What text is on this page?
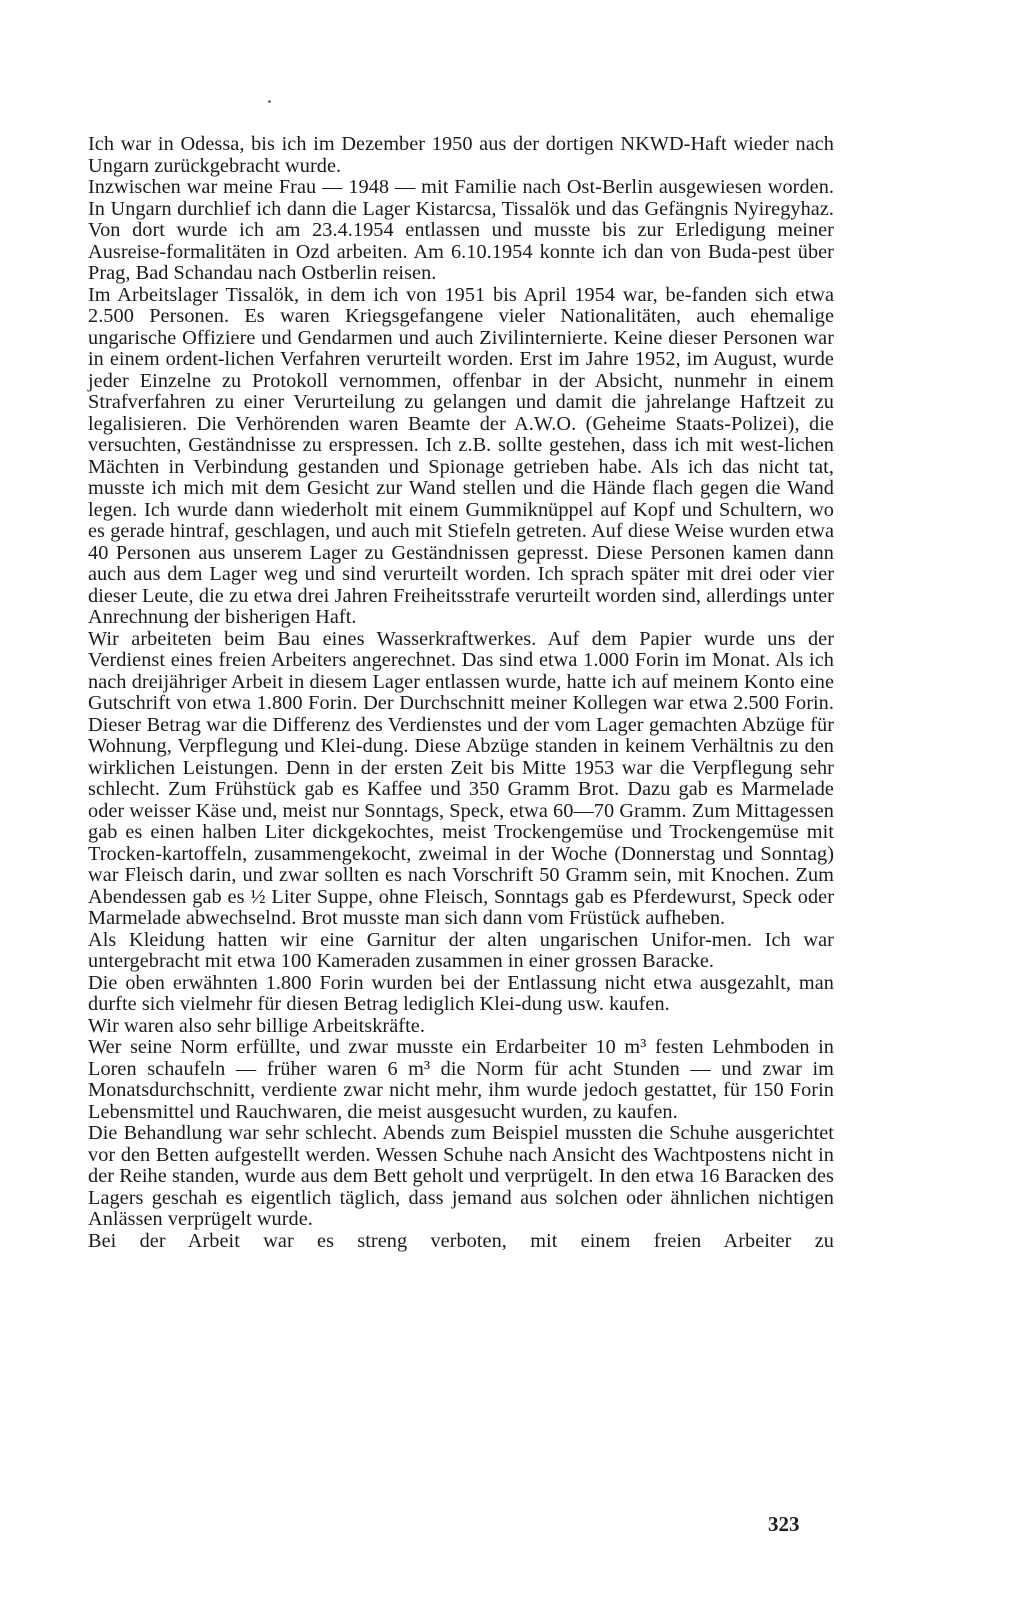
Ich war in Odessa, bis ich im Dezember 1950 aus der dortigen NKWD-Haft wieder nach Ungarn zurückgebracht wurde.

Inzwischen war meine Frau — 1948 — mit Familie nach Ost-Berlin ausgewiesen worden. In Ungarn durchlief ich dann die Lager Kistarcsa, Tissalök und das Gefängnis Nyiregyhaz. Von dort wurde ich am 23.4.1954 entlassen und musste bis zur Erledigung meiner Ausreise-formalitäten in Ozd arbeiten. Am 6.10.1954 konnte ich dan von Buda-pest über Prag, Bad Schandau nach Ostberlin reisen.

Im Arbeitslager Tissalök, in dem ich von 1951 bis April 1954 war, be-fanden sich etwa 2.500 Personen. Es waren Kriegsgefangene vieler Nationalitäten, auch ehemalige ungarische Offiziere und Gendarmen und auch Zivilinternierte. Keine dieser Personen war in einem ordent-lichen Verfahren verurteilt worden. Erst im Jahre 1952, im August, wurde jeder Einzelne zu Protokoll vernommen, offenbar in der Absicht, nunmehr in einem Strafverfahren zu einer Verurteilung zu gelangen und damit die jahrelange Haftzeit zu legalisieren. Die Verhörenden waren Beamte der A.W.O. (Geheime Staats-Polizei), die versuchten, Geständnisse zu erspressen. Ich z.B. sollte gestehen, dass ich mit west-lichen Mächten in Verbindung gestanden und Spionage getrieben habe. Als ich das nicht tat, musste ich mich mit dem Gesicht zur Wand stellen und die Hände flach gegen die Wand legen. Ich wurde dann wiederholt mit einem Gummiknüppel auf Kopf und Schultern, wo es gerade hintraf, geschlagen, und auch mit Stiefeln getreten. Auf diese Weise wurden etwa 40 Personen aus unserem Lager zu Geständnissen gepresst. Diese Personen kamen dann auch aus dem Lager weg und sind verurteilt worden. Ich sprach später mit drei oder vier dieser Leute, die zu etwa drei Jahren Freiheitsstrafe verurteilt worden sind, allerdings unter Anrechnung der bisherigen Haft.

Wir arbeiteten beim Bau eines Wasserkraftwerkes. Auf dem Papier wurde uns der Verdienst eines freien Arbeiters angerechnet. Das sind etwa 1.000 Forin im Monat. Als ich nach dreijähriger Arbeit in diesem Lager entlassen wurde, hatte ich auf meinem Konto eine Gutschrift von etwa 1.800 Forin. Der Durchschnitt meiner Kollegen war etwa 2.500 Forin. Dieser Betrag war die Differenz des Verdienstes und der vom Lager gemachten Abzüge für Wohnung, Verpflegung und Klei-dung. Diese Abzüge standen in keinem Verhältnis zu den wirklichen Leistungen. Denn in der ersten Zeit bis Mitte 1953 war die Verpflegung sehr schlecht. Zum Frühstück gab es Kaffee und 350 Gramm Brot. Dazu gab es Marmelade oder weisser Käse und, meist nur Sonntags, Speck, etwa 60—70 Gramm. Zum Mittagessen gab es einen halben Liter dickgekochtes, meist Trockengemüse und Trockengemüse mit Trocken-kartoffeln, zusammengekocht, zweimal in der Woche (Donnerstag und Sonntag) war Fleisch darin, und zwar sollten es nach Vorschrift 50 Gramm sein, mit Knochen. Zum Abendessen gab es ½ Liter Suppe, ohne Fleisch, Sonntags gab es Pferdewurst, Speck oder Marmelade abwechselnd. Brot musste man sich dann vom Früstück aufheben.

Als Kleidung hatten wir eine Garnitur der alten ungarischen Unifor-men. Ich war untergebracht mit etwa 100 Kameraden zusammen in einer grossen Baracke.

Die oben erwähnten 1.800 Forin wurden bei der Entlassung nicht etwa ausgezahlt, man durfte sich vielmehr für diesen Betrag lediglich Klei-dung usw. kaufen.

Wir waren also sehr billige Arbeitskräfte.

Wer seine Norm erfüllte, und zwar musste ein Erdarbeiter 10 m³ festen Lehmboden in Loren schaufeln — früher waren 6 m³ die Norm für acht Stunden — und zwar im Monatsdurchschnitt, verdiente zwar nicht mehr, ihm wurde jedoch gestattet, für 150 Forin Lebensmittel und Rauchwaren, die meist ausgesucht wurden, zu kaufen.

Die Behandlung war sehr schlecht. Abends zum Beispiel mussten die Schuhe ausgerichtet vor den Betten aufgestellt werden. Wessen Schuhe nach Ansicht des Wachtpostens nicht in der Reihe standen, wurde aus dem Bett geholt und verprügelt. In den etwa 16 Baracken des Lagers geschah es eigentlich täglich, dass jemand aus solchen oder ähnlichen nichtigen Anlässen verprügelt wurde.

Bei der Arbeit war es streng verboten, mit einem freien Arbeiter zu

323
